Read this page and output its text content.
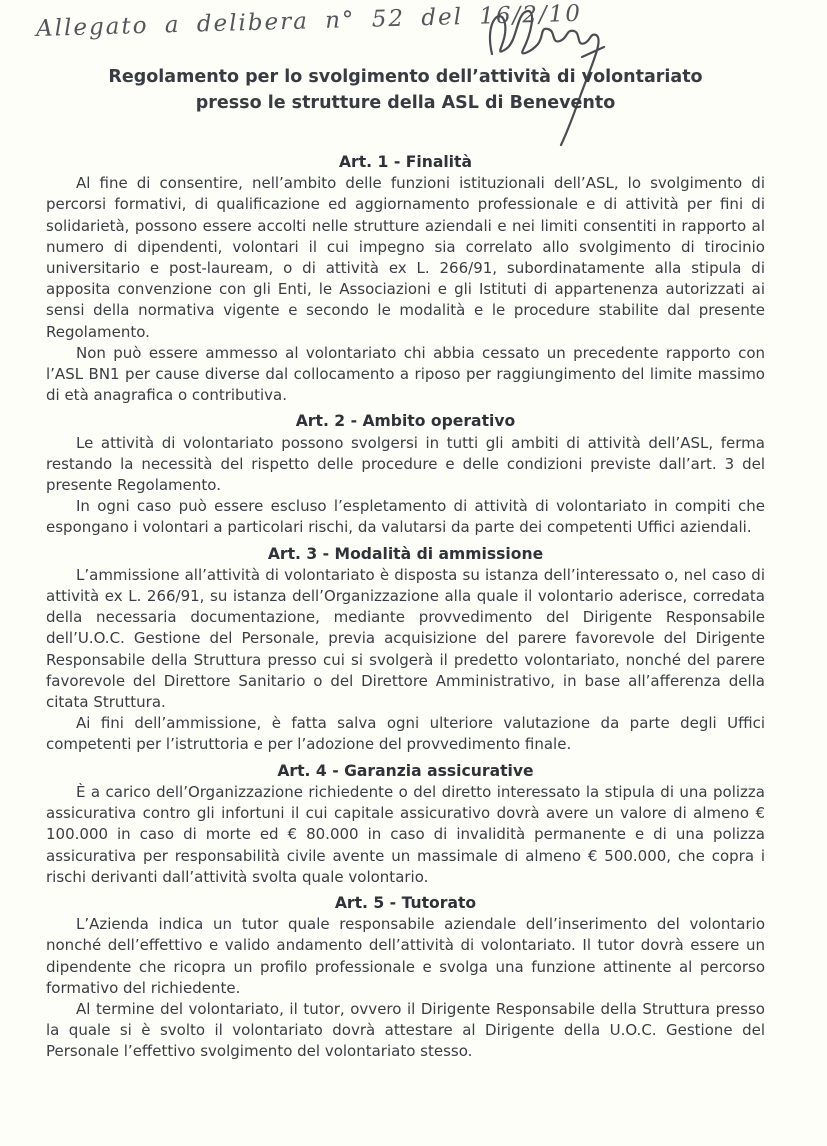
Allegato a delibera n° 52 del 16/2/10
Regolamento per lo svolgimento dell’attività di volontariato
presso le strutture della ASL di Benevento
Art. 1 - Finalità

Al fine di consentire, nell’ambito delle funzioni istituzionali dell’ASL, lo svolgimento di percorsi formativi, di qualificazione ed aggiornamento professionale e di attività per fini di solidarietà, possono essere accolti nelle strutture aziendali e nei limiti consentiti in rapporto al numero di dipendenti, volontari il cui impegno sia correlato allo svolgimento di tirocinio universitario e post-lauream, o di attività ex L. 266/91, subordinatamente alla stipula di apposita convenzione con gli Enti, le Associazioni e gli Istituti di appartenenza autorizzati ai sensi della normativa vigente e secondo le modalità e le procedure stabilite dal presente Regolamento.

Non può essere ammesso al volontariato chi abbia cessato un precedente rapporto con l’ASL BN1 per cause diverse dal collocamento a riposo per raggiungimento del limite massimo di età anagrafica o contributiva.

Art. 2 - Ambito operativo

Le attività di volontariato possono svolgersi in tutti gli ambiti di attività dell’ASL, ferma restando la necessità del rispetto delle procedure e delle condizioni previste dall’art. 3 del presente Regolamento.

In ogni caso può essere escluso l’espletamento di attività di volontariato in compiti che espongano i volontari a particolari rischi, da valutarsi da parte dei competenti Uffici aziendali.

Art. 3 - Modalità di ammissione

L’ammissione all’attività di volontariato è disposta su istanza dell’interessato o, nel caso di attività ex L. 266/91, su istanza dell’Organizzazione alla quale il volontario aderisce, corredata della necessaria documentazione, mediante provvedimento del Dirigente Responsabile dell’U.O.C. Gestione del Personale, previa acquisizione del parere favorevole del Dirigente Responsabile della Struttura presso cui si svolgerà il predetto volontariato, nonché del parere favorevole del Direttore Sanitario o del Direttore Amministrativo, in base all’afferenza della citata Struttura.

Ai fini dell’ammissione, è fatta salva ogni ulteriore valutazione da parte degli Uffici competenti per l’istruttoria e per l’adozione del provvedimento finale.

Art. 4 - Garanzia assicurative

È a carico dell’Organizzazione richiedente o del diretto interessato la stipula di una polizza assicurativa contro gli infortuni il cui capitale assicurativo dovrà avere un valore di almeno € 100.000 in caso di morte ed € 80.000 in caso di invalidità permanente e di una polizza assicurativa per responsabilità civile avente un massimale di almeno € 500.000, che copra i rischi derivanti dall’attività svolta quale volontario.

Art. 5 - Tutorato

L’Azienda indica un tutor quale responsabile aziendale dell’inserimento del volontario nonché dell’effettivo e valido andamento dell’attività di volontariato. Il tutor dovrà essere un dipendente che ricopra un profilo professionale e svolga una funzione attinente al percorso formativo del richiedente.

Al termine del volontariato, il tutor, ovvero il Dirigente Responsabile della Struttura presso la quale si è svolto il volontariato dovrà attestare al Dirigente della U.O.C. Gestione del Personale l’effettivo svolgimento del volontariato stesso.
